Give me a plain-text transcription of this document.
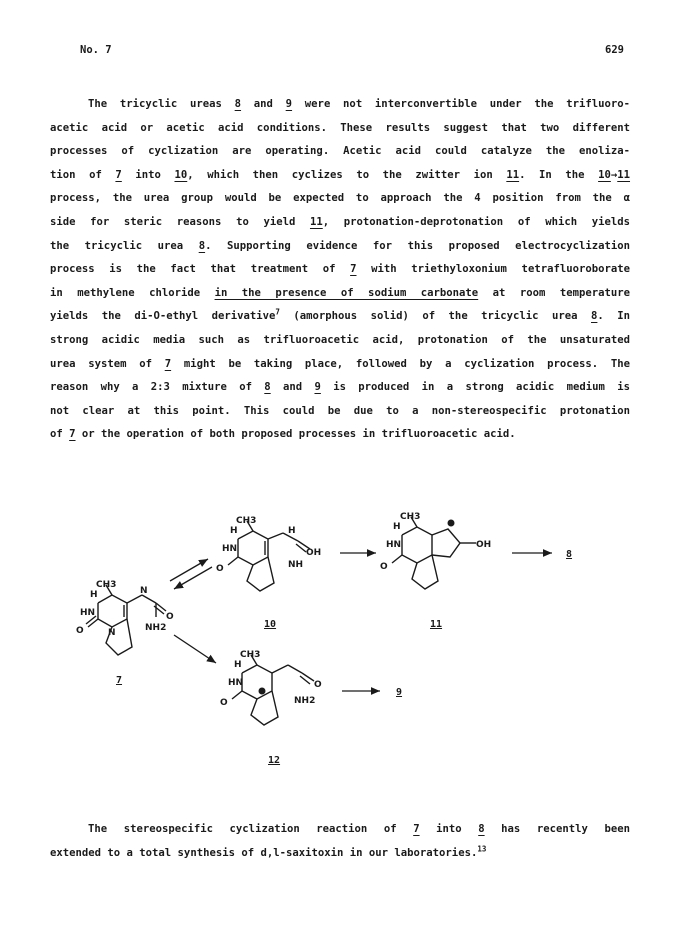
No. 7	629
The tricyclic ureas 8 and 9 were not interconvertible under the trifluoro-
acetic acid or acetic acid conditions. These results suggest that two different
processes of cyclization are operating. Acetic acid could catalyze the enoliza-
tion of 7 into 10, which then cyclizes to the zwitter ion 11. In the 10→11
process, the urea group would be expected to approach the 4 position from the α
side for steric reasons to yield 11, protonation-deprotonation of which yields
the tricyclic urea 8. Supporting evidence for this proposed electrocyclization
process is the fact that treatment of 7 with triethyloxonium tetrafluoroborate
in methylene chloride in the presence of sodium carbonate at room temperature
yields the di-O-ethyl derivative$^7$ (amorphous solid) of the tricyclic urea 8. In
strong acidic media such as trifluoroacetic acid, protonation of the unsaturated
urea system of 7 might be taking place, followed by a cyclization process. The
reason why a 2:3 mixture of 8 and 9 is produced in a strong acidic medium is
not clear at this point. This could be due to a non-stereospecific protonation
of 7 or the operation of both proposed processes in trifluoroacetic acid.
CH3
H
HN
O	N
N
O
NH2
7
CH3
H
HN
O
H
OH
NH
10
CH3
H
HN
O
OH
11
8
CH3
H
HN
O
O
NH2
12
9
The stereospecific cyclization reaction of 7 into 8 has recently been
extended to a total synthesis of d,l-saxitoxin in our laboratories.$^{13}$
